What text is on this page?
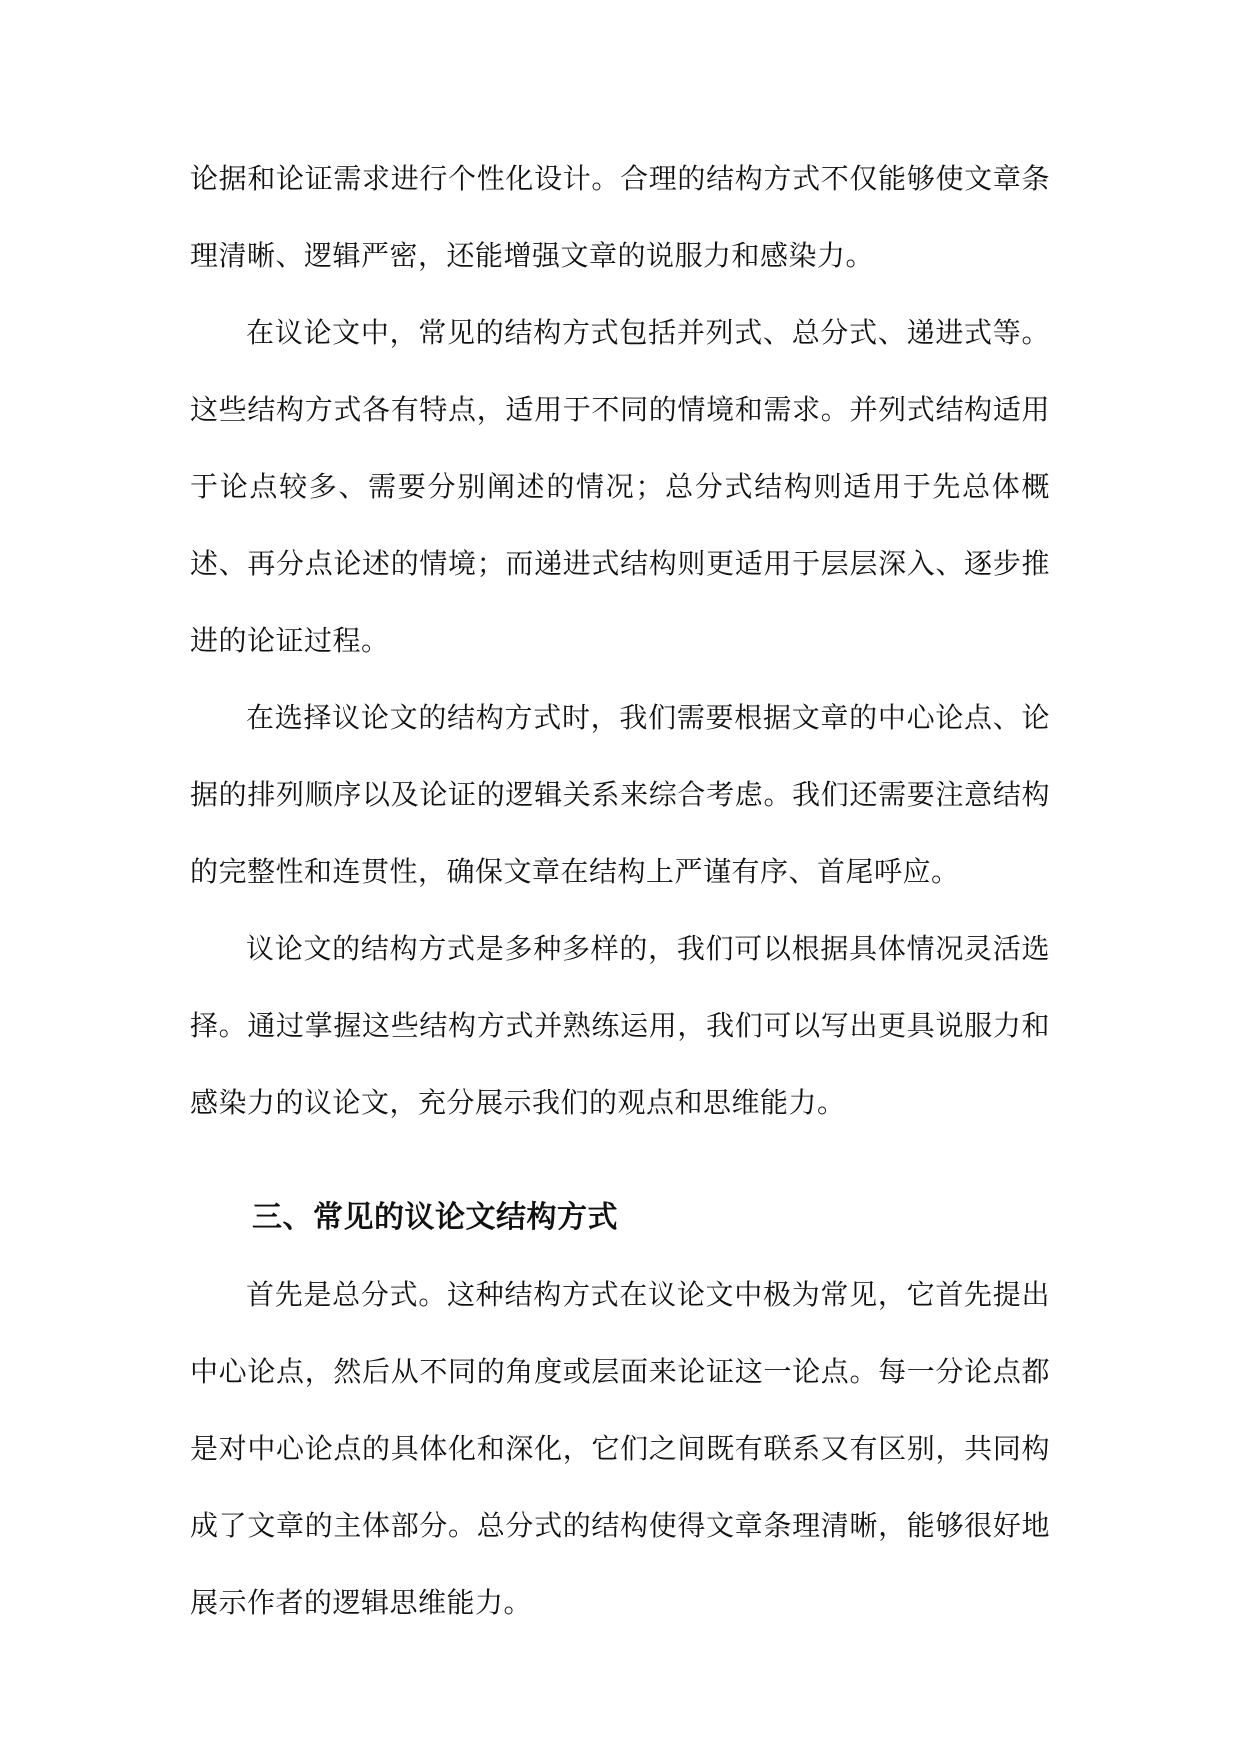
论据和论证需求进行个性化设计。合理的结构方式不仅能够使文章条理清晰、逻辑严密，还能增强文章的说服力和感染力。

在议论文中，常见的结构方式包括并列式、总分式、递进式等。这些结构方式各有特点，适用于不同的情境和需求。并列式结构适用于论点较多、需要分别阐述的情况；总分式结构则适用于先总体概述、再分点论述的情境；而递进式结构则更适用于层层深入、逐步推进的论证过程。

在选择议论文的结构方式时，我们需要根据文章的中心论点、论据的排列顺序以及论证的逻辑关系来综合考虑。我们还需要注意结构的完整性和连贯性，确保文章在结构上严谨有序、首尾呼应。

议论文的结构方式是多种多样的，我们可以根据具体情况灵活选择。通过掌握这些结构方式并熟练运用，我们可以写出更具说服力和感染力的议论文，充分展示我们的观点和思维能力。

三、常见的议论文结构方式

首先是总分式。这种结构方式在议论文中极为常见，它首先提出中心论点，然后从不同的角度或层面来论证这一论点。每一分论点都是对中心论点的具体化和深化，它们之间既有联系又有区别，共同构成了文章的主体部分。总分式的结构使得文章条理清晰，能够很好地展示作者的逻辑思维能力。
